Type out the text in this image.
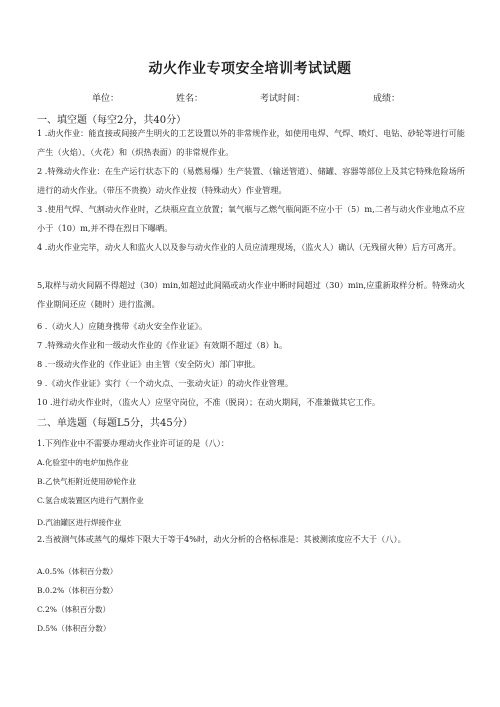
动火作业专项安全培训考试试题
单位：	姓名：	考试时间：	成绩：
一、填空题（每空2分，共40分）
1 .动火作业：能直接或间接产生明火的工艺设置以外的非常规作业，如使用电焊、气焊、喷灯、电钻、砂轮等进行可能产生（火焰）、（火花）和（炽热表面）的非常规作业。
2 .特殊动火作业：在生产运行状态下的（易燃易爆）生产装置、（输送管道）、储罐、容器等部位上及其它特殊危险场所进行的动火作业。（带压不贵换）动火作业按（特殊动火）作业管理。
3 .使用气焊、气割动火作业时，乙炔瓶应直立放置；氧气瓶与乙燃气瓶间距不应小于（5）m,二者与动火作业地点不应小于（10）m,并不得在烈日下曝晒。
4 .动火作业完毕，动火人和监火人以及参与动火作业的人员应清理现场，（监火人）确认（无残留火种）后方可离开。
5,取样与动火间隔不得超过（30）min,如超过此间隔或动火作业中断时间超过（30）min,应重新取样分析。特殊动火作业期间还应（随时）进行监测。
6 .（动火人）应随身携带《动火安全作业证》。
7 .特殊动火作业和一级动火作业的《作业证》有效期不超过（8）h。
8 .一级动火作业的《作业证》由主管（安全防火）部门审批。
9 .《动火作业证》实行（一个动火点、一张动火证）的动火作业管理。
10 .进行动火作业时，（监火人）应坚守岗位，不准（脱岗）；在动火期间，不准兼做其它工作。
二、单选题（每题L5分，共45分）
1.下列作业中不需要办理动火作业许可证的是（八）：
A.化验室中的电炉加热作业
B.乙快气柜附近使用砂轮作业
C.氢合成装置区内进行气割作业
D.汽油罐区进行焊接作业
2.当被测气体或蒸气的爆炸下限大于等于4%时，动火分析的合格标准是：其被测浓度应不大于（八）。
A.0.5%（体积百分数）
B.0.2%（体积百分数）
C.2%（体积百分数）
D.5%（体积百分数）
